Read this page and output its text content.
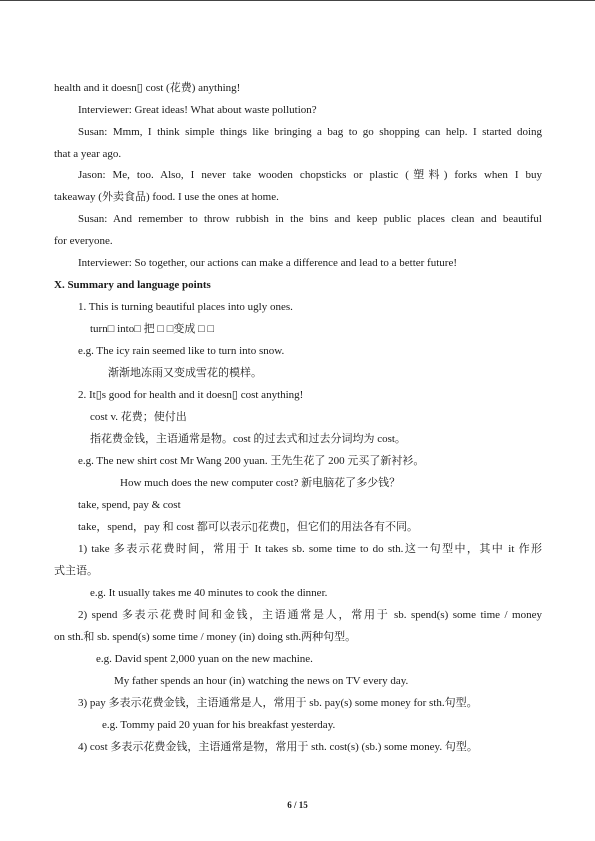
health and it doesn▯ cost (花费) anything!
Interviewer: Great ideas! What about waste pollution?
Susan: Mmm, I think simple things like bringing a bag to go shopping can help. I started doing
that a year ago.
Jason: Me, too. Also, I never take wooden chopsticks or plastic (塑料) forks when I buy
takeaway (外卖食品) food. I use the ones at home.
Susan: And remember to throw rubbish in the bins and keep public places clean and beautiful
for everyone.
Interviewer: So together, our actions can make a difference and lead to a better future!
X. Summary and language points
1. This is turning beautiful places into ugly ones.
turn□ into□ 把 □ □变成 □ □
e.g. The icy rain seemed like to turn into snow.
渐渐地冻雨又变成雪花的模样。
2. It▯s good for health and it doesn▯ cost anything!
cost v. 花费；使付出
指花费金钱，主语通常是物。cost 的过去式和过去分词均为 cost。
e.g. The new shirt cost Mr Wang 200 yuan. 王先生花了 200 元买了新衬衫。
How much does the new computer cost? 新电脑花了多少钱？
take, spend, pay & cost
take，spend，pay 和 cost 都可以表示▯花费▯，但它们的用法各有不同。
1) take 多表示花费时间，常用于 It takes sb. some time to do sth.这一句型中，其中 it 作形
式主语。
e.g. It usually takes me 40 minutes to cook the dinner.
2) spend 多表示花费时间和金钱，主语通常是人，常用于 sb. spend(s) some time / money
on sth.和 sb. spend(s) some time / money (in) doing sth.两种句型。
e.g. David spent 2,000 yuan on the new machine.
My father spends an hour (in) watching the news on TV every day.
3) pay 多表示花费金钱，主语通常是人，常用于 sb. pay(s) some money for sth.句型。
e.g. Tommy paid 20 yuan for his breakfast yesterday.
4) cost 多表示花费金钱，主语通常是物，常用于 sth. cost(s) (sb.) some money. 句型。
6 / 15
